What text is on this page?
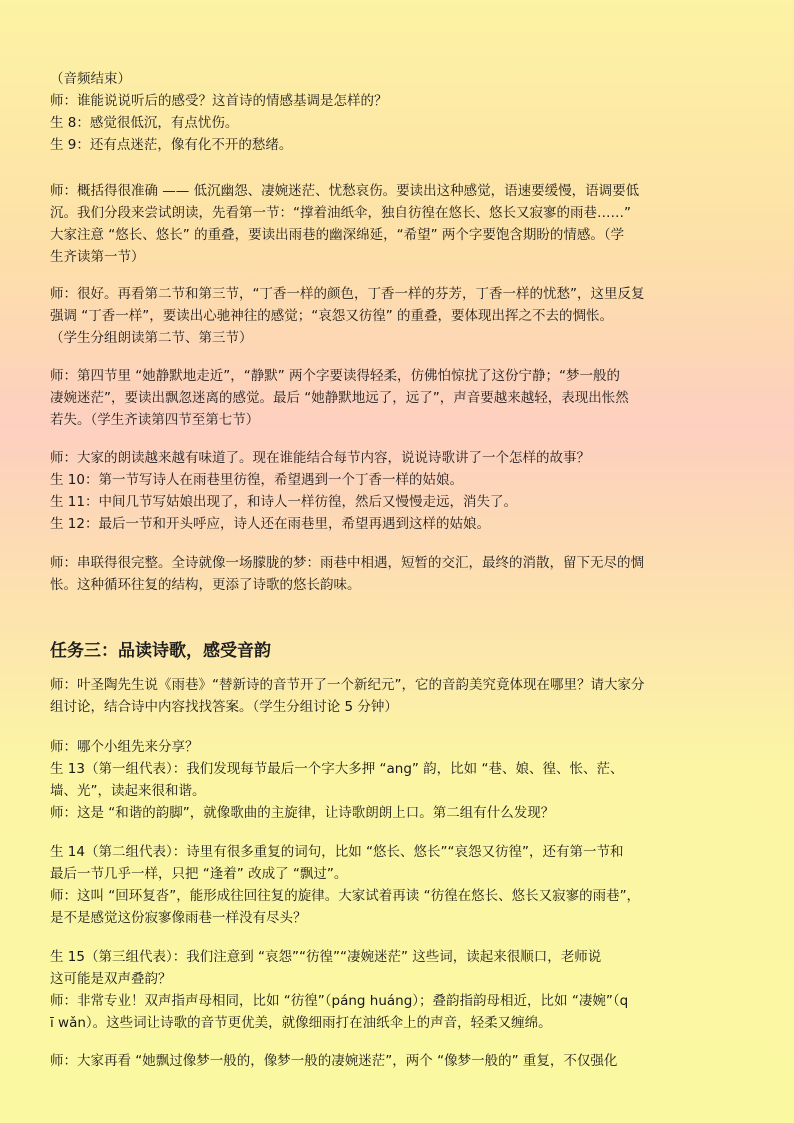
（音频结束）
师：谁能说说听后的感受？这首诗的情感基调是怎样的？
生 8：感觉很低沉，有点忧伤。
生 9：还有点迷茫，像有化不开的愁绪。
师：概括得很准确 —— 低沉幽怨、凄婉迷茫、忧愁哀伤。要读出这种感觉，语速要缓慢，语调要低
沉。我们分段来尝试朗读，先看第一节：“撑着油纸伞，独自彷徨在悠长、悠长又寂寥的雨巷……”
大家注意 “悠长、悠长” 的重叠，要读出雨巷的幽深绵延，“希望” 两个字要饱含期盼的情感。（学
生齐读第一节）
师：很好。再看第二节和第三节，“丁香一样的颜色，丁香一样的芬芳，丁香一样的忧愁”，这里反复
强调 “丁香一样”，要读出心驰神往的感觉；“哀怨又彷徨” 的重叠，要体现出挥之不去的惆怅。
（学生分组朗读第二节、第三节）
师：第四节里 “她静默地走近”，“静默” 两个字要读得轻柔，仿佛怕惊扰了这份宁静；“梦一般的
凄婉迷茫”，要读出飘忽迷离的感觉。最后 “她静默地远了，远了”，声音要越来越轻，表现出怅然
若失。（学生齐读第四节至第七节）
师：大家的朗读越来越有味道了。现在谁能结合每节内容，说说诗歌讲了一个怎样的故事？
生 10：第一节写诗人在雨巷里彷徨，希望遇到一个丁香一样的姑娘。
生 11：中间几节写姑娘出现了，和诗人一样彷徨，然后又慢慢走远，消失了。
生 12：最后一节和开头呼应，诗人还在雨巷里，希望再遇到这样的姑娘。
师：串联得很完整。全诗就像一场朦胧的梦：雨巷中相遇，短暂的交汇，最终的消散，留下无尽的惆
怅。这种循环往复的结构，更添了诗歌的悠长韵味。
任务三：品读诗歌，感受音韵
师：叶圣陶先生说《雨巷》“替新诗的音节开了一个新纪元”，它的音韵美究竟体现在哪里？请大家分
组讨论，结合诗中内容找找答案。（学生分组讨论 5 分钟）
师：哪个小组先来分享？
生 13（第一组代表）：我们发现每节最后一个字大多押 “ang” 韵，比如 “巷、娘、徨、怅、茫、
墙、光”，读起来很和谐。
师：这是 “和谐的韵脚”，就像歌曲的主旋律，让诗歌朗朗上口。第二组有什么发现？
生 14（第二组代表）：诗里有很多重复的词句，比如 “悠长、悠长”“哀怨又彷徨”，还有第一节和
最后一节几乎一样，只把 “逢着” 改成了 “飘过”。
师：这叫 “回环复沓”，能形成往回往复的旋律。大家试着再读 “彷徨在悠长、悠长又寂寥的雨巷”，
是不是感觉这份寂寥像雨巷一样没有尽头？
生 15（第三组代表）：我们注意到 “哀怨”“彷徨”“凄婉迷茫” 这些词，读起来很顺口，老师说
这可能是双声叠韵？
师：非常专业！双声指声母相同，比如 “彷徨”（páng huáng）；叠韵指韵母相近，比如 “凄婉”（q
ī wǎn）。这些词让诗歌的音节更优美，就像细雨打在油纸伞上的声音，轻柔又缠绵。
师：大家再看 “她飘过像梦一般的，像梦一般的凄婉迷茫”，两个 “像梦一般的” 重复，不仅强化
